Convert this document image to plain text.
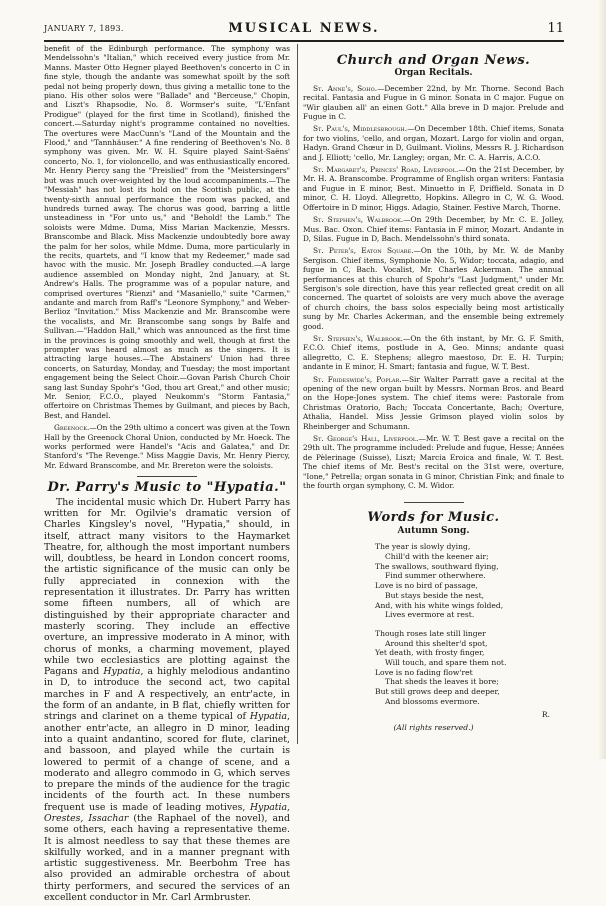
JANUARY 7, 1893.	MUSICAL NEWS.	11

benefit of the Edinburgh performance. The symphony was Mendelssohn's "Italian," which received every justice from Mr. Manns. Master Otto Hegner played Beethoven's concerto in C in fine style, though the andante was somewhat spoilt by the soft pedal not being properly down, thus giving a metallic tone to the piano. His other solos were "Ballade" and "Berceuse," Chopin, and Liszt's Rhapsodie, No. 8. Wormser's suite, "L'Enfant Prodigue" (played for the first time in Scotland), finished the concert.—Saturday night's programme contained no novelties. The overtures were MacCunn's "Land of the Mountain and the Flood," and "Tannhäuser." A fine rendering of Beethoven's No. 8 symphony was given. Mr. W. H. Squire played Saint-Saëns' concerto, No. 1, for violoncello, and was enthusiastically encored. Mr. Henry Piercy sang the "Preislied" from the "Meistersingers" but was much over-weighted by the loud accompaniments.—The "Messiah" has not lost its hold on the Scottish public, at the twenty-sixth annual performance the room was packed, and hundreds turned away. The chorus was good, barring a little unsteadiness in "For unto us," and "Behold! the Lamb." The soloists were Mdme. Duma, Miss Marian Mackenzie, Messrs. Branscombe and Black. Miss Mackenzie undoubtedly bore away the palm for her solos, while Mdme. Duma, more particularly in the recits, quartets, and "I know that my Redeemer," made sad havoc with the music. Mr. Joseph Bradley conducted.—A large audience assembled on Monday night, 2nd January, at St. Andrew's Halls. The programme was of a popular nature, and comprised overtures "Rienzi" and "Masaniello," suite "Carmen," andante and march from Raff's "Leonore Symphony," and Weber-Berlioz "Invitation." Miss Mackenzie and Mr. Branscombe were the vocalists, and Mr. Branscombe sang songs by Balfe and Sullivan.—"Haddon Hall," which was announced as the first time in the provinces is going smoothly and well, though at first the prompter was heard almost as much as the singers. It is attracting large houses.—The Abstainers' Union had three concerts, on Saturday, Monday, and Tuesday; the most important engagement being the Select Choir.—Govan Parish Church Choir sang last Sunday Spohr's "God, thou art Great," and other music; Mr. Senior, F.C.O., played Neukomm's "Storm Fantasia," offertoire on Christmas Themes by Guilmant, and pieces by Bach, Best, and Handel.

Greenock.—On the 29th ultimo a concert was given at the Town Hall by the Greenock Choral Union, conducted by Mr. Hoeck. The works performed were Handel's "Acis and Galatea," and Dr. Stanford's "The Revenge." Miss Maggie Davis, Mr. Henry Piercy, Mr. Edward Branscombe, and Mr. Brereton were the soloists.

Dr. Parry's Music to "Hypatia."

The incidental music which Dr. Hubert Parry has written for Mr. Ogilvie's dramatic version of Charles Kingsley's novel, "Hypatia," should, in itself, attract many visitors to the Haymarket Theatre, for, although the most important numbers will, doubtless, be heard in London concert rooms, the artistic significance of the music can only be fully appreciated in connexion with the representation it illustrates. Dr. Parry has written some fifteen numbers, all of which are distinguished by their appropriate character and masterly scoring. They include an effective overture, an impressive moderato in A minor, with chorus of monks, a charming movement, played while two ecclesiastics are plotting against the Pagans and Hypatia, a highly melodious andantino in D, to introduce the second act, two capital marches in F and A respectively, an entr'acte, in the form of an andante, in B flat, chiefly written for strings and clarinet on a theme typical of Hypatia, another entr'acte, an allegro in D minor, leading into a quaint andantino, scored for flute, clarinet, and bassoon, and played while the curtain is lowered to permit of a change of scene, and a moderato and allegro commodo in G, which serves to prepare the minds of the audience for the tragic incidents of the fourth act. In these numbers frequent use is made of leading motives, Hypatia, Orestes, Issachar (the Raphael of the novel), and some others, each having a representative theme. It is almost needless to say that these themes are skilfully worked, and in a manner pregnant with artistic suggestiveness. Mr. Beerbohm Tree has also provided an admirable orchestra of about thirty performers, and secured the services of an excellent conductor in Mr. Carl Armbruster.

Church and Organ News.
Organ Recitals.

St. Anne's, Soho.—December 22nd, by Mr. Thorne. Second Bach recital. Fantasia and Fugue in G minor. Sonata in C major. Fugue on "Wir glauben all' an einen Gott." Alla breve in D major. Prelude and Fugue in C.

St. Paul's, Middlesbrough.—On December 18th. Chief items, Sonata for two violins, 'cello, and organ, Mozart. Largo for violin and organ, Hadyn. Grand Chœur in D, Guilmant. Violins, Messrs R. J. Richardson and J. Elliott; 'cello, Mr. Langley; organ, Mr. C. A. Harris, A.C.O.

St. Margaret's, Princes' Road, Liverpool.—On the 21st December, by Mr. H. A. Branscombe. Programme of English organ writers: Fantasia and Fugue in E minor, Best. Minuetto in F, Driffield. Sonata in D minor, C. H. Lloyd. Allegretto, Hopkins. Allegro in C, W. G. Wood. Offertoire in D minor, Higgs. Adagio, Stainer. Festive March, Thorne.

St. Stephen's, Walbrook.—On 29th December, by Mr. C. E. Jolley, Mus. Bac. Oxon. Chief items: Fantasia in F minor, Mozart. Andante in D, Silas. Fugue in D, Bach. Mendelssohn's third sonata.

St. Peter's, Eaton Square.—On the 10th, by Mr. W. de Manby Sergison. Chief items, Symphonie No. 5, Widor; toccata, adagio, and fugue in C, Bach. Vocalist, Mr. Charles Ackerman. The annual performances at this church of Spohr's "Last Judgment," under Mr. Sergison's sole direction, have this year reflected great credit on all concerned. The quartet of soloists are very much above the average of church choirs, the bass solos especially being most artistically sung by Mr. Charles Ackerman, and the ensemble being extremely good.

St. Stephen's, Walbrook.—On the 6th instant, by Mr. G. F. Smith, F.C.O. Chief items, postlude in A, Geo. Minns; andante quasi allegretto, C. E. Stephens; allegro maestoso, Dr. E. H. Turpin; andante in E minor, H. Smart; fantasia and fugue, W. T. Best.

St. Frideswide's, Poplar.—Sir Walter Parratt gave a recital at the opening of the new organ built by Messrs. Norman Bros. and Beard on the Hope-Jones system. The chief items were: Pastorale from Christmas Oratorio, Bach; Toccata Concertante, Bach; Overture, Athalia, Handel. Miss Jessie Grimson played violin solos by Rheinberger and Schumann.

St. George's Hall, Liverpool.—Mr. W. T. Best gave a recital on the 29th ult. The programme included: Prelude and fugue, Hesse; Années de Pèlerinage (Suisse), Liszt; Marcia Eroica and finale, W. T. Best. The chief items of Mr. Best's recital on the 31st were, overture, "Ione," Petrella; organ sonata in G minor, Christian Fink; and finale to the fourth organ symphony, C. M. Widor.

Words for Music.
Autumn Song.
The year is slowly dying,
Chill'd with the keener air;
The swallows, southward flying,
Find summer otherwhere.
Love is no bird of passage,
But stays beside the nest,
And, with his white wings folded,
Lives evermore at rest.
Though roses late still linger
Around this shelter'd spot,
Yet death, with frosty finger,
Will touch, and spare them not.
Love is no fading flow'ret
That sheds the leaves it bore;
But still grows deep and deeper,
And blossoms evermore.
R.
(All rights reserved.)
